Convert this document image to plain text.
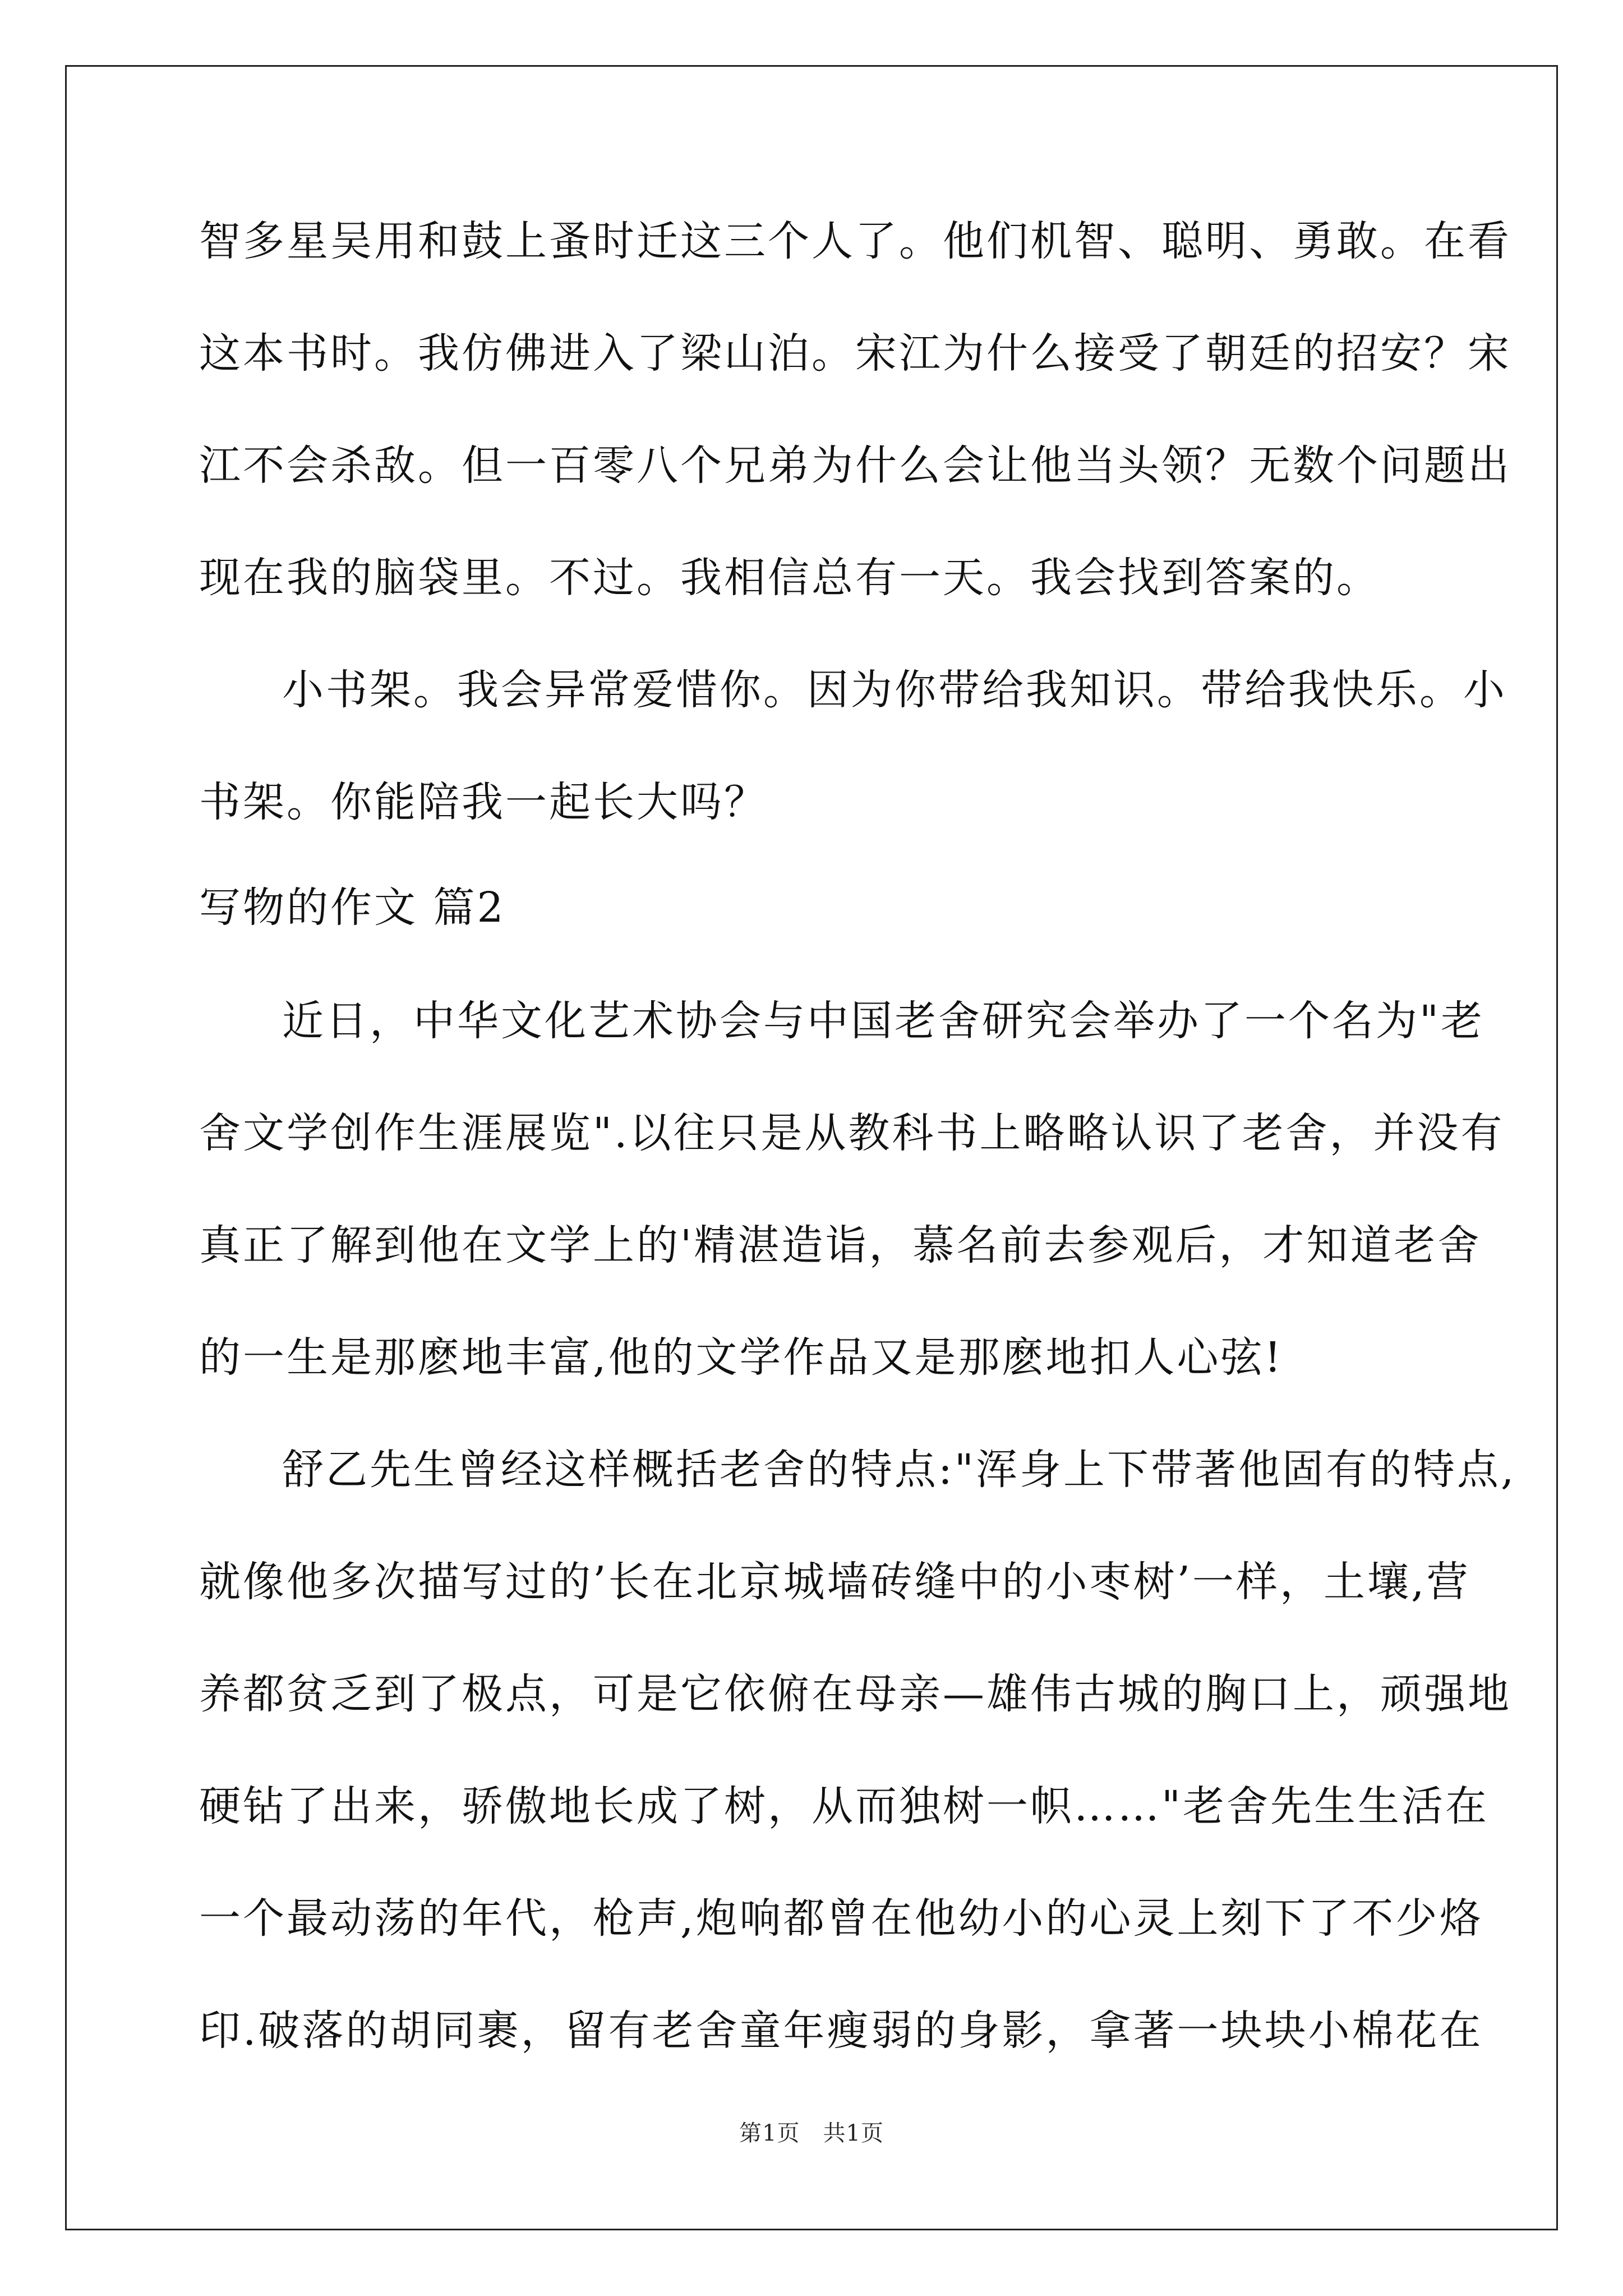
智多星吴用和鼓上蚤时迁这三个人了。他们机智、聪明、勇敢。在看
这本书时。我仿佛进入了梁山泊。宋江为什么接受了朝廷的招安？宋
江不会杀敌。但一百零八个兄弟为什么会让他当头领？无数个问题出
现在我的脑袋里。不过。我相信总有一天。我会找到答案的。
小书架。我会异常爱惜你。因为你带给我知识。带给我快乐。小
书架。你能陪我一起长大吗？
写物的作文 篇2
近日，中华文化艺术协会与中国老舍研究会举办了一个名为"老
舍文学创作生涯展览".以往只是从教科书上略略认识了老舍，并没有
真正了解到他在文学上的'精湛造诣，慕名前去参观后，才知道老舍
的一生是那麽地丰富,他的文学作品又是那麽地扣人心弦!
舒乙先生曾经这样概括老舍的特点:"浑身上下带著他固有的特点,
就像他多次描写过的’长在北京城墙砖缝中的小枣树’一样，土壤,营
养都贫乏到了极点，可是它依俯在母亲—雄伟古城的胸口上，顽强地
硬钻了出来，骄傲地长成了树，从而独树一帜……"老舍先生生活在
一个最动荡的年代，枪声,炮响都曾在他幼小的心灵上刻下了不少烙
印.破落的胡同裹，留有老舍童年瘦弱的身影，拿著一块块小棉花在
第1页　共1页
